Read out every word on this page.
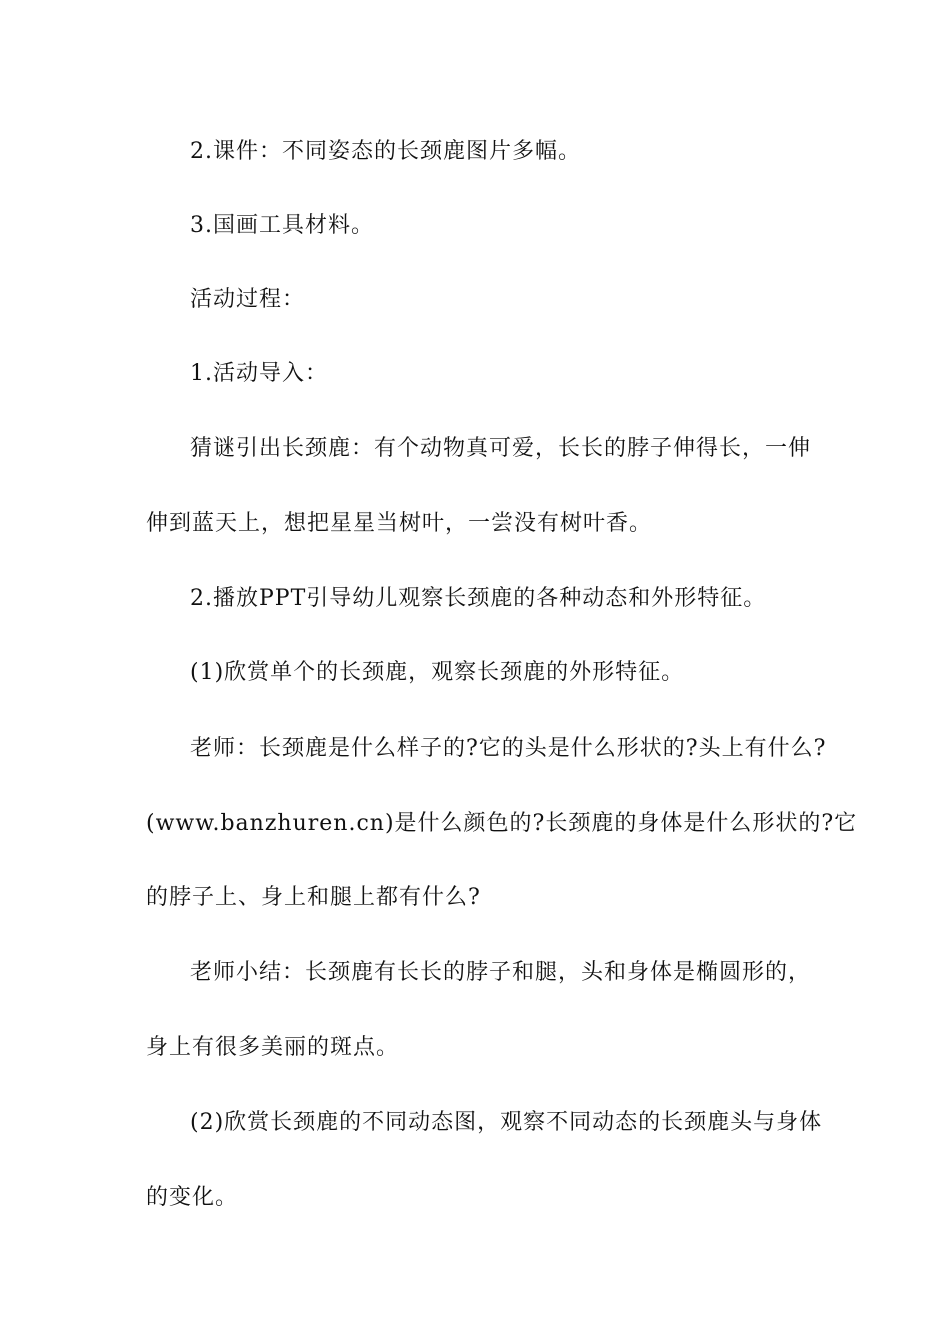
2.课件：不同姿态的长颈鹿图片多幅。
3.国画工具材料。
活动过程：
1.活动导入：
猜谜引出长颈鹿：有个动物真可爱，长长的脖子伸得长，一伸
伸到蓝天上，想把星星当树叶，一尝没有树叶香。
2.播放PPT引导幼儿观察长颈鹿的各种动态和外形特征。
(1)欣赏单个的长颈鹿，观察长颈鹿的外形特征。
老师：长颈鹿是什么样子的?它的头是什么形状的?头上有什么?
(www.banzhuren.cn)是什么颜色的?长颈鹿的身体是什么形状的?它
的脖子上、身上和腿上都有什么?
老师小结：长颈鹿有长长的脖子和腿，头和身体是椭圆形的，
身上有很多美丽的斑点。
(2)欣赏长颈鹿的不同动态图，观察不同动态的长颈鹿头与身体
的变化。
